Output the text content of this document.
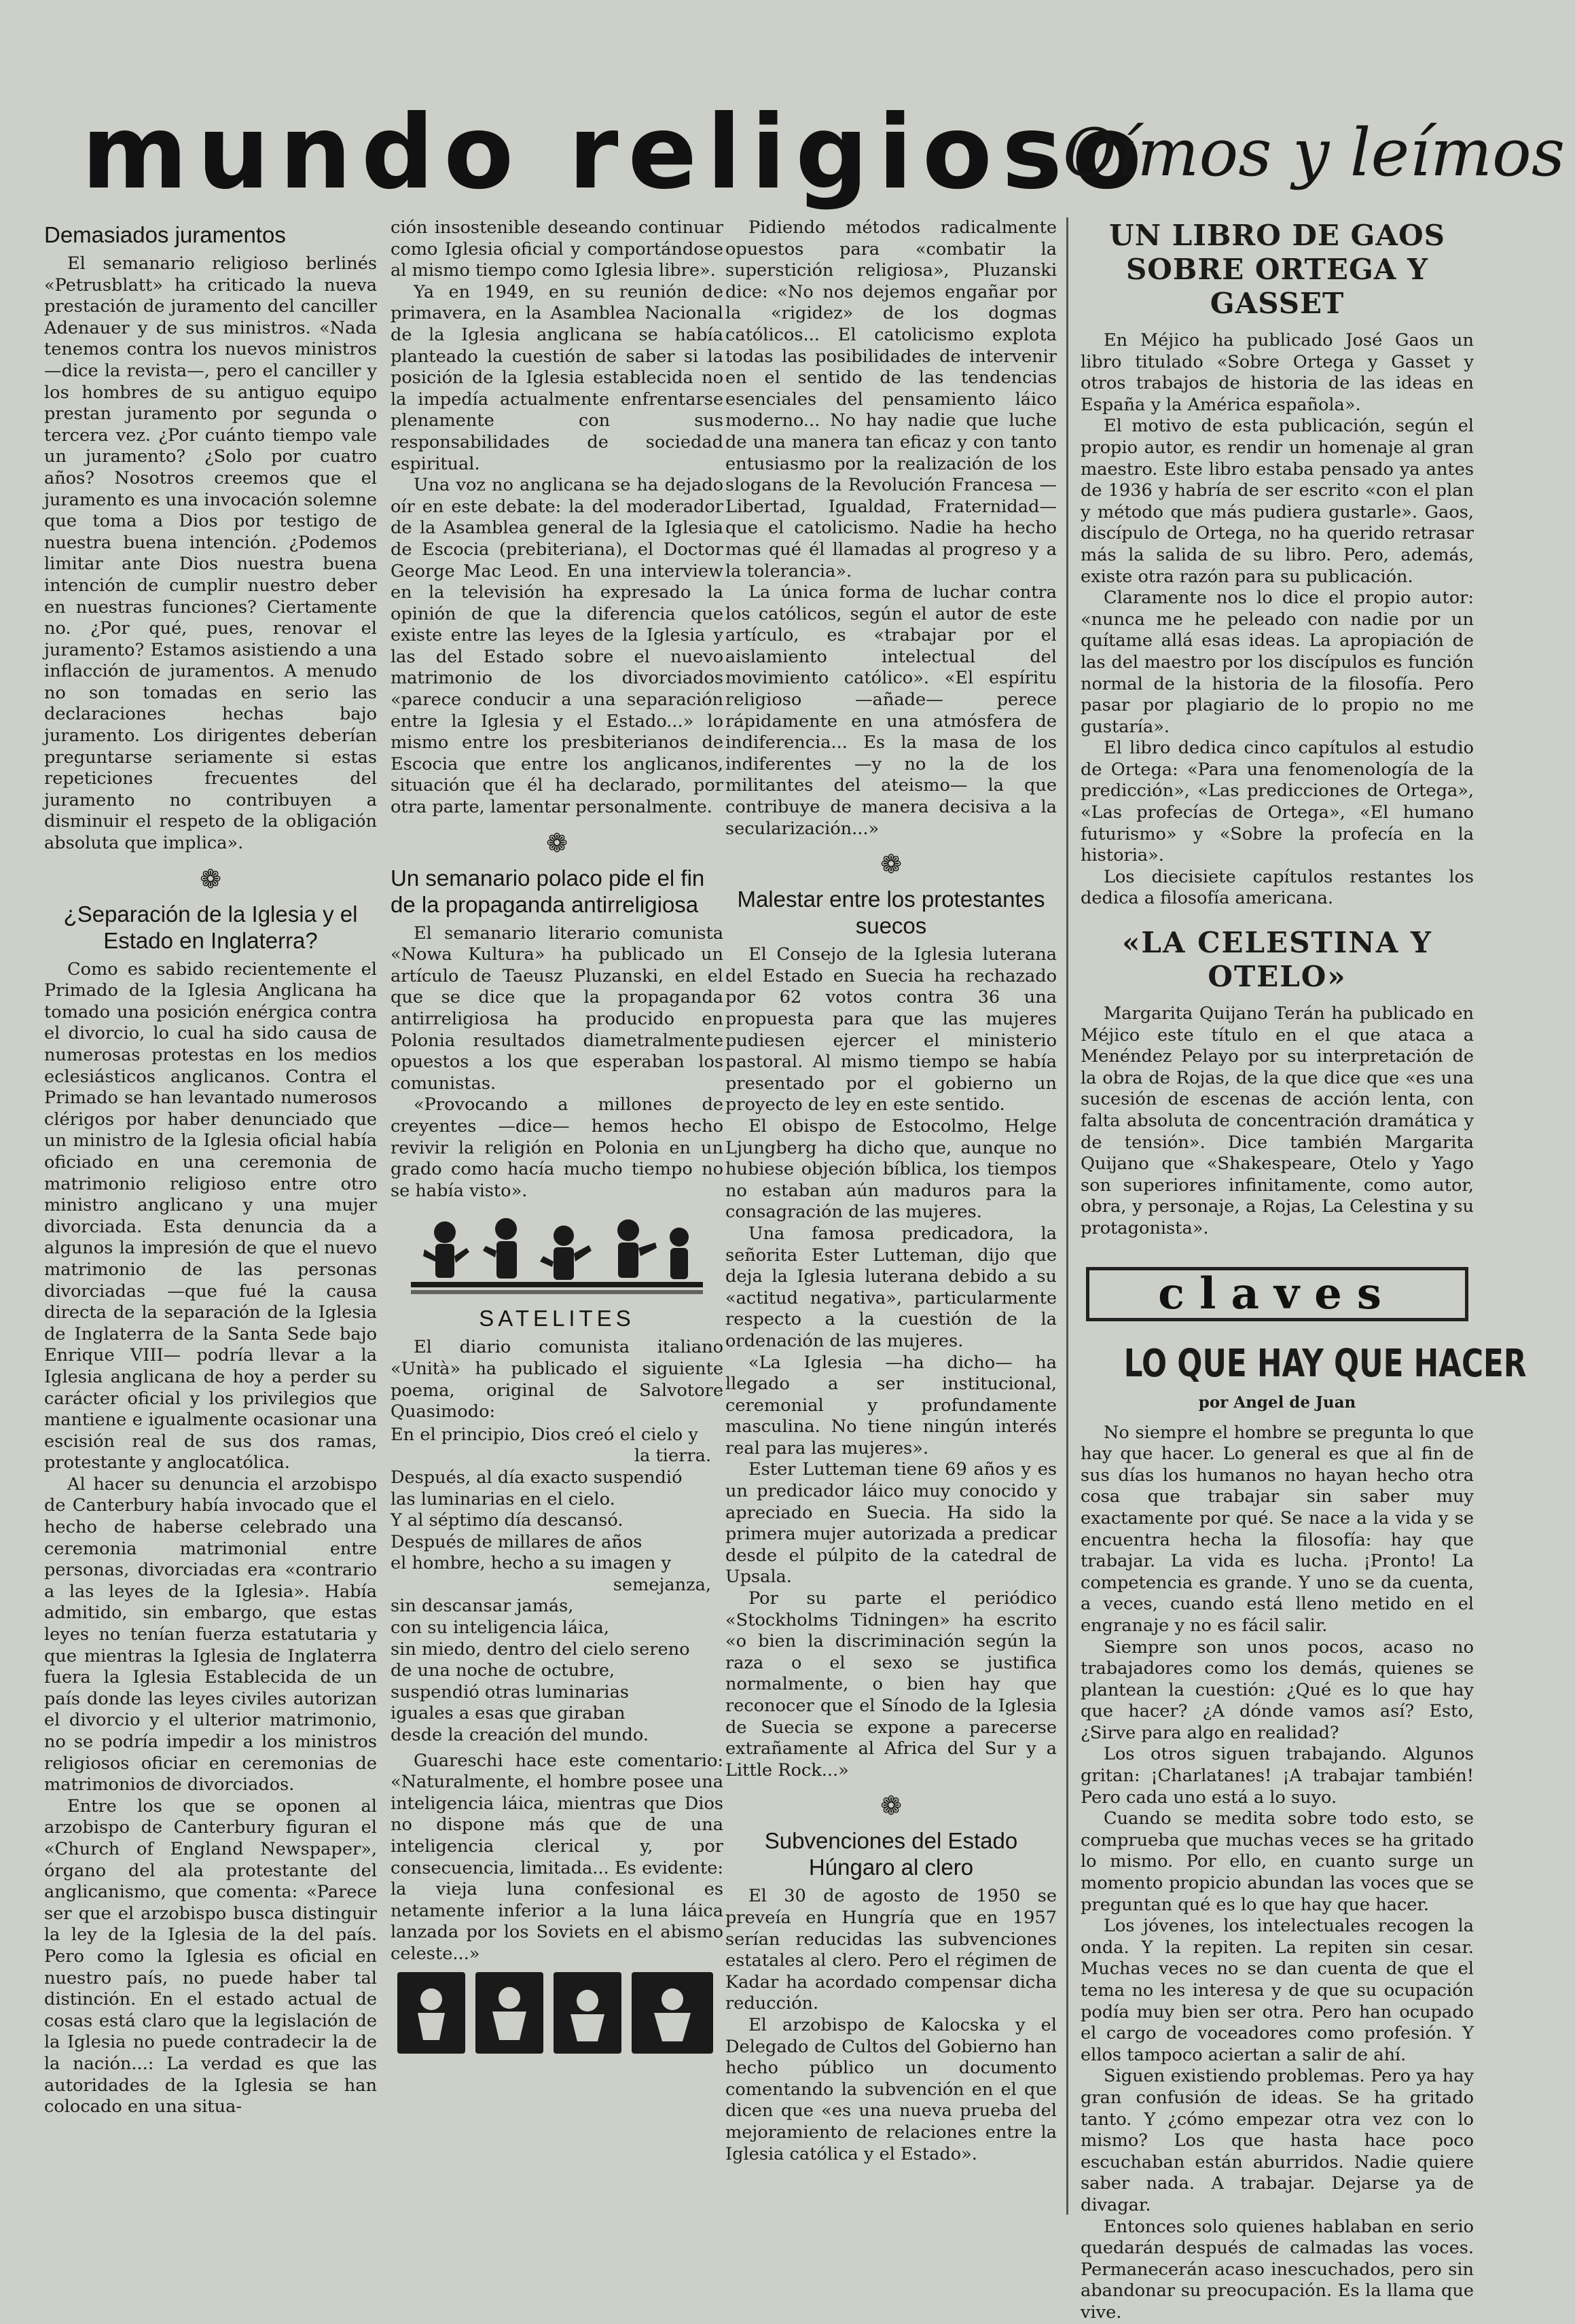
mundo religioso
Oímos y leímos
Demasiados juramentos

El semanario religioso berlinés «Petrusblatt» ha criticado la nueva prestación de juramento del canciller Adenauer y de sus ministros. «Nada tenemos contra los nuevos ministros —dice la revista—, pero el canciller y los hombres de su antiguo equipo prestan juramento por segunda o tercera vez. ¿Por cuánto tiempo vale un juramento? ¿Solo por cuatro años? Nosotros creemos que el juramento es una invocación solemne que toma a Dios por testigo de nuestra buena intención. ¿Podemos limitar ante Dios nuestra buena intención de cumplir nuestro deber en nuestras funciones? Ciertamente no. ¿Por qué, pues, renovar el juramento? Estamos asistiendo a una inflacción de juramentos. A menudo no son tomadas en serio las declaraciones hechas bajo juramento. Los dirigentes deberían preguntarse seriamente si estas repeticiones frecuentes del juramento no contribuyen a disminuir el respeto de la obligación absoluta que implica».

❁
¿Separación de la Iglesia y el Estado en Inglaterra?

Como es sabido recientemente el Primado de la Iglesia Anglicana ha tomado una posición enérgica contra el divorcio, lo cual ha sido causa de numerosas protestas en los medios eclesiásticos anglicanos. Contra el Primado se han levantado numerosos clérigos por haber denunciado que un ministro de la Iglesia oficial había oficiado en una ceremonia de matrimonio religioso entre otro ministro anglicano y una mujer divorciada. Esta denuncia da a algunos la impresión de que el nuevo matrimonio de las personas divorciadas —que fué la causa directa de la separación de la Iglesia de Inglaterra de la Santa Sede bajo Enrique VIII— podría llevar a la Iglesia anglicana de hoy a perder su carácter oficial y los privilegios que mantiene e igualmente ocasionar una escisión real de sus dos ramas, protestante y anglocatólica.

Al hacer su denuncia el arzobispo de Canterbury había invocado que el hecho de haberse celebrado una ceremonia matrimonial entre personas, divorciadas era «contrario a las leyes de la Iglesia». Había admitido, sin embargo, que estas leyes no tenían fuerza estatutaria y que mientras la Iglesia de Inglaterra fuera la Iglesia Establecida de un país donde las leyes civiles autorizan el divorcio y el ulterior matrimonio, no se podría impedir a los ministros religiosos oficiar en ceremonias de matrimonios de divorciados.

Entre los que se oponen al arzobispo de Canterbury figuran el «Church of England Newspaper», órgano del ala protestante del anglicanismo, que comenta: «Parece ser que el arzobispo busca distinguir la ley de la Iglesia de la del país. Pero como la Iglesia es oficial en nuestro país, no puede haber tal distinción. En el estado actual de cosas está claro que la legislación de la Iglesia no puede contradecir la de la nación...: La verdad es que las autoridades de la Iglesia se han colocado en una situa-

ción insostenible deseando continuar como Iglesia oficial y comportándose al mismo tiempo como Iglesia libre».

Ya en 1949, en su reunión de primavera, en la Asamblea Nacional de la Iglesia anglicana se había planteado la cuestión de saber si la posición de la Iglesia establecida no la impedía actualmente enfrentarse plenamente con sus responsabilidades de sociedad espiritual.

Una voz no anglicana se ha dejado oír en este debate: la del moderador de la Asamblea general de la Iglesia de Escocia (prebiteriana), el Doctor George Mac Leod. En una interview en la televisión ha expresado la opinión de que la diferencia que existe entre las leyes de la Iglesia y las del Estado sobre el nuevo matrimonio de los divorciados «parece conducir a una separación entre la Iglesia y el Estado...» lo mismo entre los presbiterianos de Escocia que entre los anglicanos, situación que él ha declarado, por otra parte, lamentar personalmente.

❁
Un semanario polaco pide el fin de la propaganda antirreligiosa

El semanario literario comunista «Nowa Kultura» ha publicado un artículo de Taeusz Pluzanski, en el que se dice que la propaganda antirreligiosa ha producido en Polonia resultados diametralmente opuestos a los que esperaban los comunistas.

«Provocando a millones de creyentes —dice— hemos hecho revivir la religión en Polonia en un grado como hacía mucho tiempo no se había visto».

SATELITES

El diario comunista italiano «Unità» ha publicado el siguiente poema, original de Salvotore Quasimodo:

En el principio, Dios creó el cielo y
la tierra.
Después, al día exacto suspendió
las luminarias en el cielo.
Y al séptimo día descansó.
Después de millares de años
el hombre, hecho a su imagen y
semejanza,
sin descansar jamás,
con su inteligencia láica,
sin miedo, dentro del cielo sereno
de una noche de octubre,
suspendió otras luminarias
iguales a esas que giraban
desde la creación del mundo.

Guareschi hace este comentario: «Naturalmente, el hombre posee una inteligencia láica, mientras que Dios no dispone más que de una inteligencia clerical y, por consecuencia, limitada... Es evidente: la vieja luna confesional es netamente inferior a la luna láica lanzada por los Soviets en el abismo celeste...»

Pidiendo métodos radicalmente opuestos para «combatir la superstición religiosa», Pluzanski dice: «No nos dejemos engañar por la «rigidez» de los dogmas católicos... El catolicismo explota todas las posibilidades de intervenir en el sentido de las tendencias esenciales del pensamiento láico moderno... No hay nadie que luche de una manera tan eficaz y con tanto entusiasmo por la realización de los slogans de la Revolución Francesa —Libertad, Igualdad, Fraternidad— que el catolicismo. Nadie ha hecho mas qué él llamadas al progreso y a la tolerancia».

La única forma de luchar contra los católicos, según el autor de este artículo, es «trabajar por el aislamiento intelectual del movimiento católico». «El espíritu religioso —añade— perece rápidamente en una atmósfera de indiferencia... Es la masa de los indiferentes —y no la de los militantes del ateismo— la que contribuye de manera decisiva a la secularización...»

❁
Malestar entre los protestantes suecos

El Consejo de la Iglesia luterana del Estado en Suecia ha rechazado por 62 votos contra 36 una propuesta para que las mujeres pudiesen ejercer el ministerio pastoral. Al mismo tiempo se había presentado por el gobierno un proyecto de ley en este sentido.

El obispo de Estocolmo, Helge Ljungberg ha dicho que, aunque no hubiese objeción bíblica, los tiempos no estaban aún maduros para la consagración de las mujeres.

Una famosa predicadora, la señorita Ester Lutteman, dijo que deja la Iglesia luterana debido a su «actitud negativa», particularmente respecto a la cuestión de la ordenación de las mujeres.

«La Iglesia —ha dicho— ha llegado a ser institucional, ceremonial y profundamente masculina. No tiene ningún interés real para las mujeres».

Ester Lutteman tiene 69 años y es un predicador láico muy conocido y apreciado en Suecia. Ha sido la primera mujer autorizada a predicar desde el púlpito de la catedral de Upsala.

Por su parte el periódico «Stockholms Tidningen» ha escrito «o bien la discriminación según la raza o el sexo se justifica normalmente, o bien hay que reconocer que el Sínodo de la Iglesia de Suecia se expone a parecerse extrañamente al Africa del Sur y a Little Rock...»

❁
Subvenciones del Estado Húngaro al clero

El 30 de agosto de 1950 se preveía en Hungría que en 1957 serían reducidas las subvenciones estatales al clero. Pero el régimen de Kadar ha acordado compensar dicha reducción.

El arzobispo de Kalocska y el Delegado de Cultos del Gobierno han hecho público un documento comentando la subvención en el que dicen que «es una nueva prueba del mejoramiento de relaciones entre la Iglesia católica y el Estado».

UN LIBRO DE GAOS SOBRE ORTEGA Y GASSET

En Méjico ha publicado José Gaos un libro titulado «Sobre Ortega y Gasset y otros trabajos de historia de las ideas en España y la América española».

El motivo de esta publicación, según el propio autor, es rendir un homenaje al gran maestro. Este libro estaba pensado ya antes de 1936 y habría de ser escrito «con el plan y método que más pudiera gustarle». Gaos, discípulo de Ortega, no ha querido retrasar más la salida de su libro. Pero, además, existe otra razón para su publicación.

Claramente nos lo dice el propio autor: «nunca me he peleado con nadie por un quítame allá esas ideas. La apropiación de las del maestro por los discípulos es función normal de la historia de la filosofía. Pero pasar por plagiario de lo propio no me gustaría».

El libro dedica cinco capítulos al estudio de Ortega: «Para una fenomenología de la predicción», «Las predicciones de Ortega», «Las profecías de Ortega», «El humano futurismo» y «Sobre la profecía en la historia».

Los diecisiete capítulos restantes los dedica a filosofía americana.

«LA CELESTINA Y OTELO»

Margarita Quijano Terán ha publicado en Méjico este título en el que ataca a Menéndez Pelayo por su interpretación de la obra de Rojas, de la que dice que «es una sucesión de escenas de acción lenta, con falta absoluta de concentración dramática y de tensión». Dice también Margarita Quijano que «Shakespeare, Otelo y Yago son superiores infinitamente, como autor, obra, y personaje, a Rojas, La Celestina y su protagonista».

claves
LO QUE HAY QUE HACER
por Angel de Juan

No siempre el hombre se pregunta lo que hay que hacer. Lo general es que al fin de sus días los humanos no hayan hecho otra cosa que trabajar sin saber muy exactamente por qué. Se nace a la vida y se encuentra hecha la filosofía: hay que trabajar. La vida es lucha. ¡Pronto! La competencia es grande. Y uno se da cuenta, a veces, cuando está lleno metido en el engranaje y no es fácil salir.

Siempre son unos pocos, acaso no trabajadores como los demás, quienes se plantean la cuestión: ¿Qué es lo que hay que hacer? ¿A dónde vamos así? Esto, ¿Sirve para algo en realidad?

Los otros siguen trabajando. Algunos gritan: ¡Charlatanes! ¡A trabajar también! Pero cada uno está a lo suyo.

Cuando se medita sobre todo esto, se comprueba que muchas veces se ha gritado lo mismo. Por ello, en cuanto surge un momento propicio abundan las voces que se preguntan qué es lo que hay que hacer.

Los jóvenes, los intelectuales recogen la onda. Y la repiten. La repiten sin cesar. Muchas veces no se dan cuenta de que el tema no les interesa y de que su ocupación podía muy bien ser otra. Pero han ocupado el cargo de voceadores como profesión. Y ellos tampoco aciertan a salir de ahí.

Siguen existiendo problemas. Pero ya hay gran confusión de ideas. Se ha gritado tanto. Y ¿cómo empezar otra vez con lo mismo? Los que hasta hace poco escuchaban están aburridos. Nadie quiere saber nada. A trabajar. Dejarse ya de divagar.

Entonces solo quienes hablaban en serio quedarán después de calmadas las voces. Permanecerán acaso inescuchados, pero sin abandonar su preocupación. Es la llama que vive.
